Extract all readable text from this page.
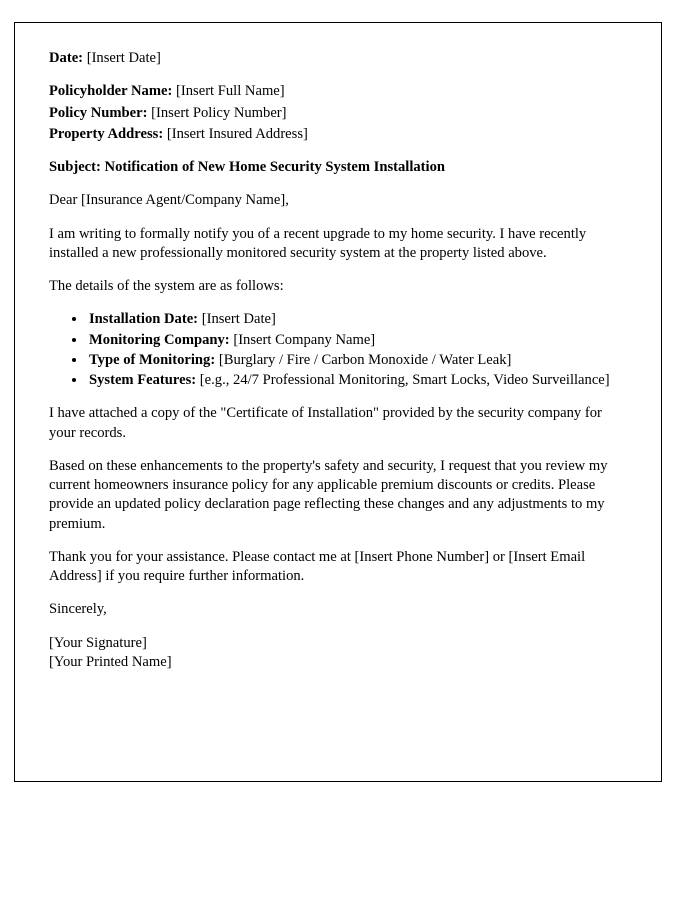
Date: [Insert Date]
Policyholder Name: [Insert Full Name]
Policy Number: [Insert Policy Number]
Property Address: [Insert Insured Address]
Subject: Notification of New Home Security System Installation
Dear [Insurance Agent/Company Name],
I am writing to formally notify you of a recent upgrade to my home security. I have recently installed a new professionally monitored security system at the property listed above.
The details of the system are as follows:
• Installation Date: [Insert Date]
• Monitoring Company: [Insert Company Name]
• Type of Monitoring: [Burglary / Fire / Carbon Monoxide / Water Leak]
• System Features: [e.g., 24/7 Professional Monitoring, Smart Locks, Video Surveillance]
I have attached a copy of the "Certificate of Installation" provided by the security company for your records.
Based on these enhancements to the property's safety and security, I request that you review my current homeowners insurance policy for any applicable premium discounts or credits. Please provide an updated policy declaration page reflecting these changes and any adjustments to my premium.
Thank you for your assistance. Please contact me at [Insert Phone Number] or [Insert Email Address] if you require further information.
Sincerely,
[Your Signature]
[Your Printed Name]
